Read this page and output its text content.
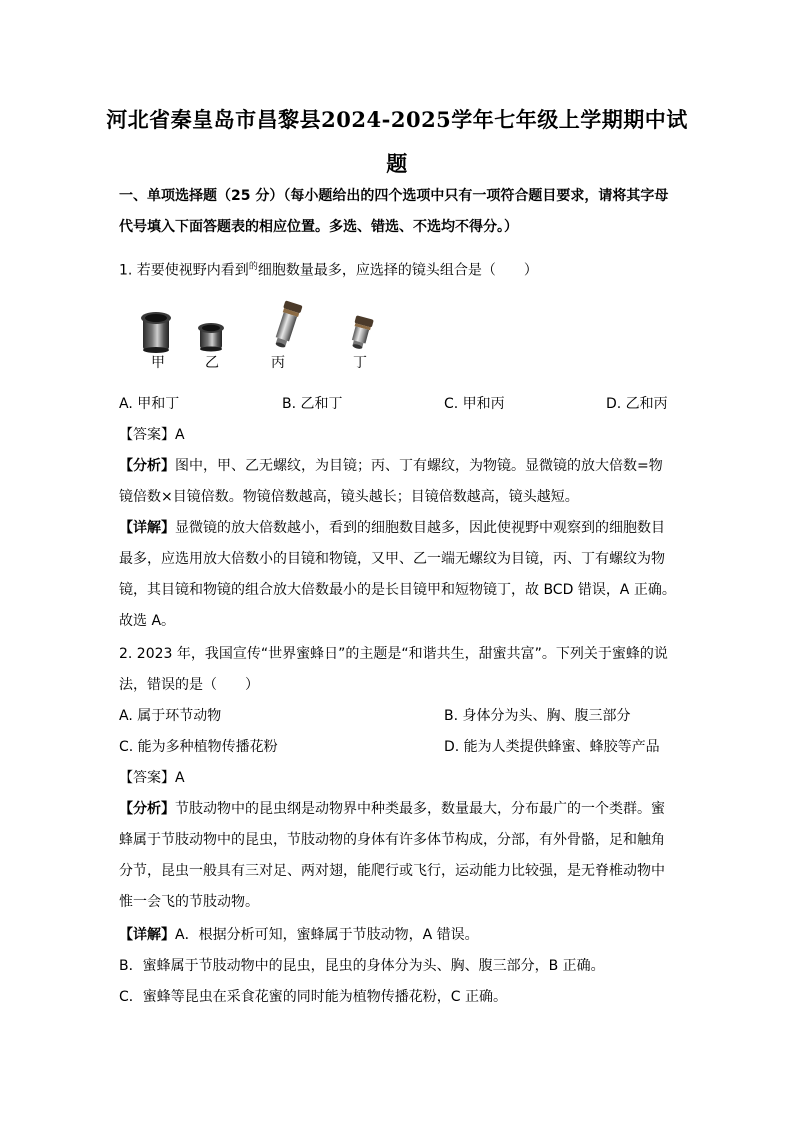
河北省秦皇岛市昌黎县2024-2025学年七年级上学期期中试
题
一、单项选择题（25 分）（每小题给出的四个选项中只有一项符合题目要求，请将其字母
代号填入下面答题表的相应位置。多选、错选、不选均不得分。）
1. 若要使视野内看到$^的$细胞数量最多，应选择的镜头组合是（　　）
甲	乙	丙	丁
A. 甲和丁	B. 乙和丁	C. 甲和丙	D. 乙和丙
【答案】A
【分析】图中，甲、乙无螺纹，为目镜；丙、丁有螺纹，为物镜。显微镜的放大倍数=物
镜倍数×目镜倍数。物镜倍数越高，镜头越长；目镜倍数越高，镜头越短。
【详解】显微镜的放大倍数越小，看到的细胞数目越多，因此使视野中观察到的细胞数目
最多，应选用放大倍数小的目镜和物镜，又甲、乙一端无螺纹为目镜，丙、丁有螺纹为物
镜，其目镜和物镜的组合放大倍数最小的是长目镜甲和短物镜丁，故 BCD 错误，A 正确。
故选 A。
2. 2023 年，我国宣传“世界蜜蜂日”的主题是“和谐共生，甜蜜共富”。下列关于蜜蜂的说
法，错误的是（　　）
A. 属于环节动物	B. 身体分为头、胸、腹三部分
C. 能为多种植物传播花粉	D. 能为人类提供蜂蜜、蜂胶等产品
【答案】A
【分析】节肢动物中的昆虫纲是动物界中种类最多，数量最大，分布最广的一个类群。蜜
蜂属于节肢动物中的昆虫，节肢动物的身体有许多体节构成，分部，有外骨骼，足和触角
分节，昆虫一般具有三对足、两对翅，能爬行或飞行，运动能力比较强，是无脊椎动物中
惟一会飞的节肢动物。
【详解】A．根据分析可知，蜜蜂属于节肢动物，A 错误。
B．蜜蜂属于节肢动物中的昆虫，昆虫的身体分为头、胸、腹三部分，B 正确。
C．蜜蜂等昆虫在采食花蜜的同时能为植物传播花粉，C 正确。
